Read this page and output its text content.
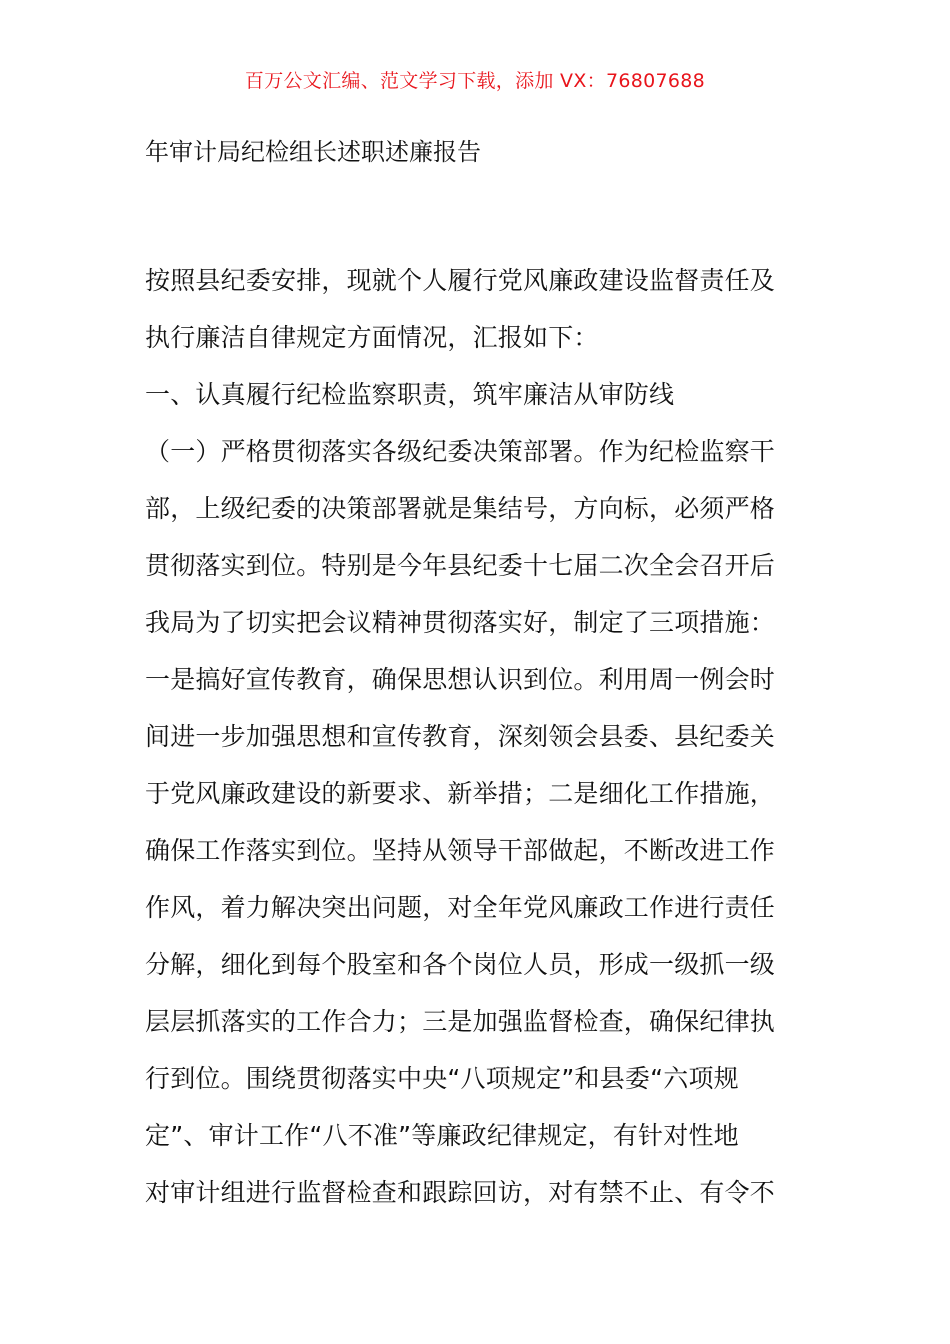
百万公文汇编、范文学习下载，添加 VX：76807688
年审计局纪检组长述职述廉报告
按照县纪委安排，现就个人履行党风廉政建设监督责任及
执行廉洁自律规定方面情况，汇报如下：
一、认真履行纪检监察职责，筑牢廉洁从审防线
（一）严格贯彻落实各级纪委决策部署。作为纪检监察干
部，上级纪委的决策部署就是集结号，方向标，必须严格
贯彻落实到位。特别是今年县纪委十七届二次全会召开后
我局为了切实把会议精神贯彻落实好，制定了三项措施：
一是搞好宣传教育，确保思想认识到位。利用周一例会时
间进一步加强思想和宣传教育，深刻领会县委、县纪委关
于党风廉政建设的新要求、新举措；二是细化工作措施，
确保工作落实到位。坚持从领导干部做起，不断改进工作
作风，着力解决突出问题，对全年党风廉政工作进行责任
分解，细化到每个股室和各个岗位人员，形成一级抓一级
层层抓落实的工作合力；三是加强监督检查，确保纪律执
行到位。围绕贯彻落实中央“八项规定”和县委“六项规
定”、审计工作“八不准”等廉政纪律规定，有针对性地
对审计组进行监督检查和跟踪回访，对有禁不止、有令不
